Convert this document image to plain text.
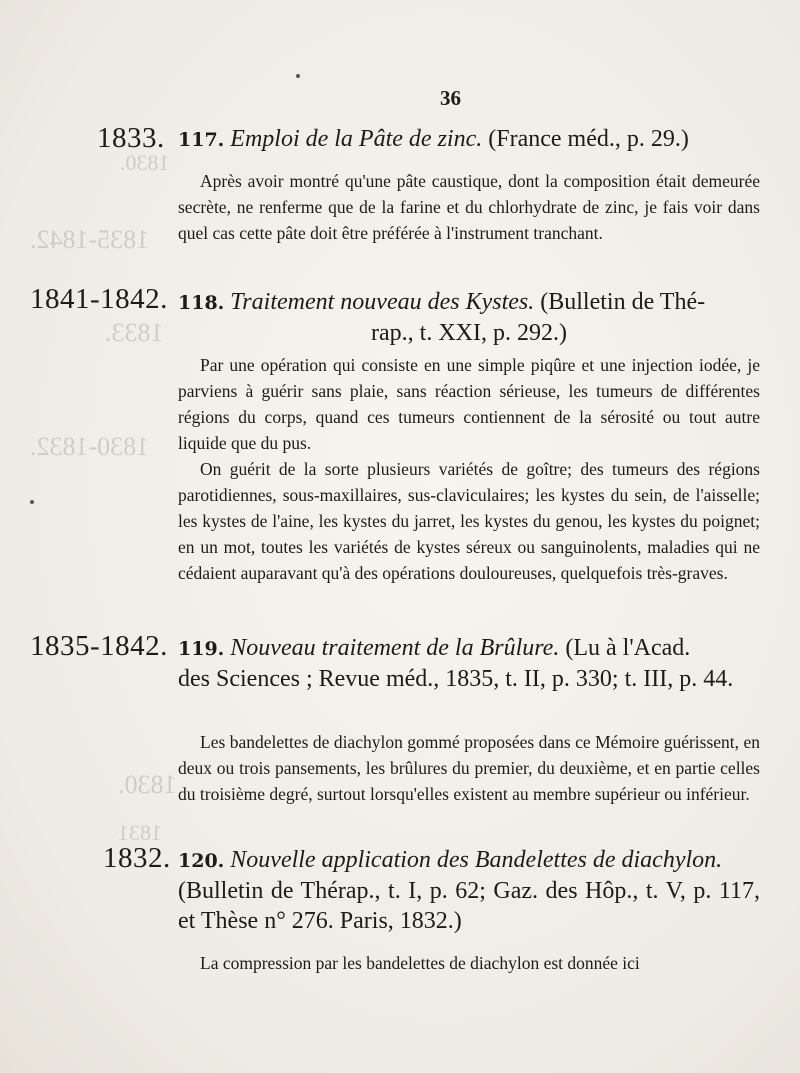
1830.
1835-1842.
1833.
1830-1832.
1830.
1831
36
1833. 117. Emploi de la Pâte de zinc. (France méd., p. 29.)

Après avoir montré qu'une pâte caustique, dont la composition était demeurée secrète, ne renferme que de la farine et du chlorhydrate de zinc, je fais voir dans quel cas cette pâte doit être préférée à l'instrument tranchant.

1841-1842. 118. Traitement nouveau des Kystes. (Bulletin de Thé-
rap., t. XXI, p. 292.)

Par une opération qui consiste en une simple piqûre et une injection iodée, je parviens à guérir sans plaie, sans réaction sérieuse, les tumeurs de différentes régions du corps, quand ces tumeurs contiennent de la sérosité ou tout autre liquide que du pus.

On guérit de la sorte plusieurs variétés de goître; des tumeurs des régions parotidiennes, sous-maxillaires, sus-claviculaires; les kystes du sein, de l'aisselle; les kystes de l'aine, les kystes du jarret, les kystes du genou, les kystes du poignet; en un mot, toutes les variétés de kystes séreux ou sanguinolents, maladies qui ne cédaient auparavant qu'à des opérations douloureuses, quelquefois très-graves.

1835-1842. 119. Nouveau traitement de la Brûlure. (Lu à l'Acad.
des Sciences ; Revue méd., 1835, t. II, p. 330; t. III, p. 44.

Les bandelettes de diachylon gommé proposées dans ce Mémoire guérissent, en deux ou trois pansements, les brûlures du premier, du deuxième, et en partie celles du troisième degré, surtout lorsqu'elles existent au membre supérieur ou inférieur.

1832. 120. Nouvelle application des Bandelettes de diachylon.
(Bulletin de Thérap., t. I, p. 62; Gaz. des Hôp., t. V, p. 117, et Thèse n° 276. Paris, 1832.)

La compression par les bandelettes de diachylon est donnée ici
